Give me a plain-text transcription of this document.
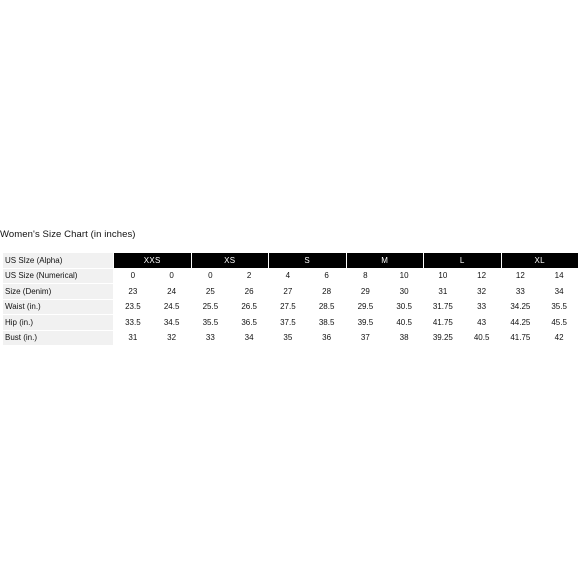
Women's Size Chart (in inches)
US SIze (Alpha)	XXS		XS		S		M		L		XL	
US Size (Numerical)	0	0	0	2	4	6	8	10	10	12	12	14
Size (Denim)	23	24	25	26	27	28	29	30	31	32	33	34
Waist (in.)	23.5	24.5	25.5	26.5	27.5	28.5	29.5	30.5	31.75	33	34.25	35.5
Hip (in.)	33.5	34.5	35.5	36.5	37.5	38.5	39.5	40.5	41.75	43	44.25	45.5
Bust (in.)	31	32	33	34	35	36	37	38	39.25	40.5	41.75	42
